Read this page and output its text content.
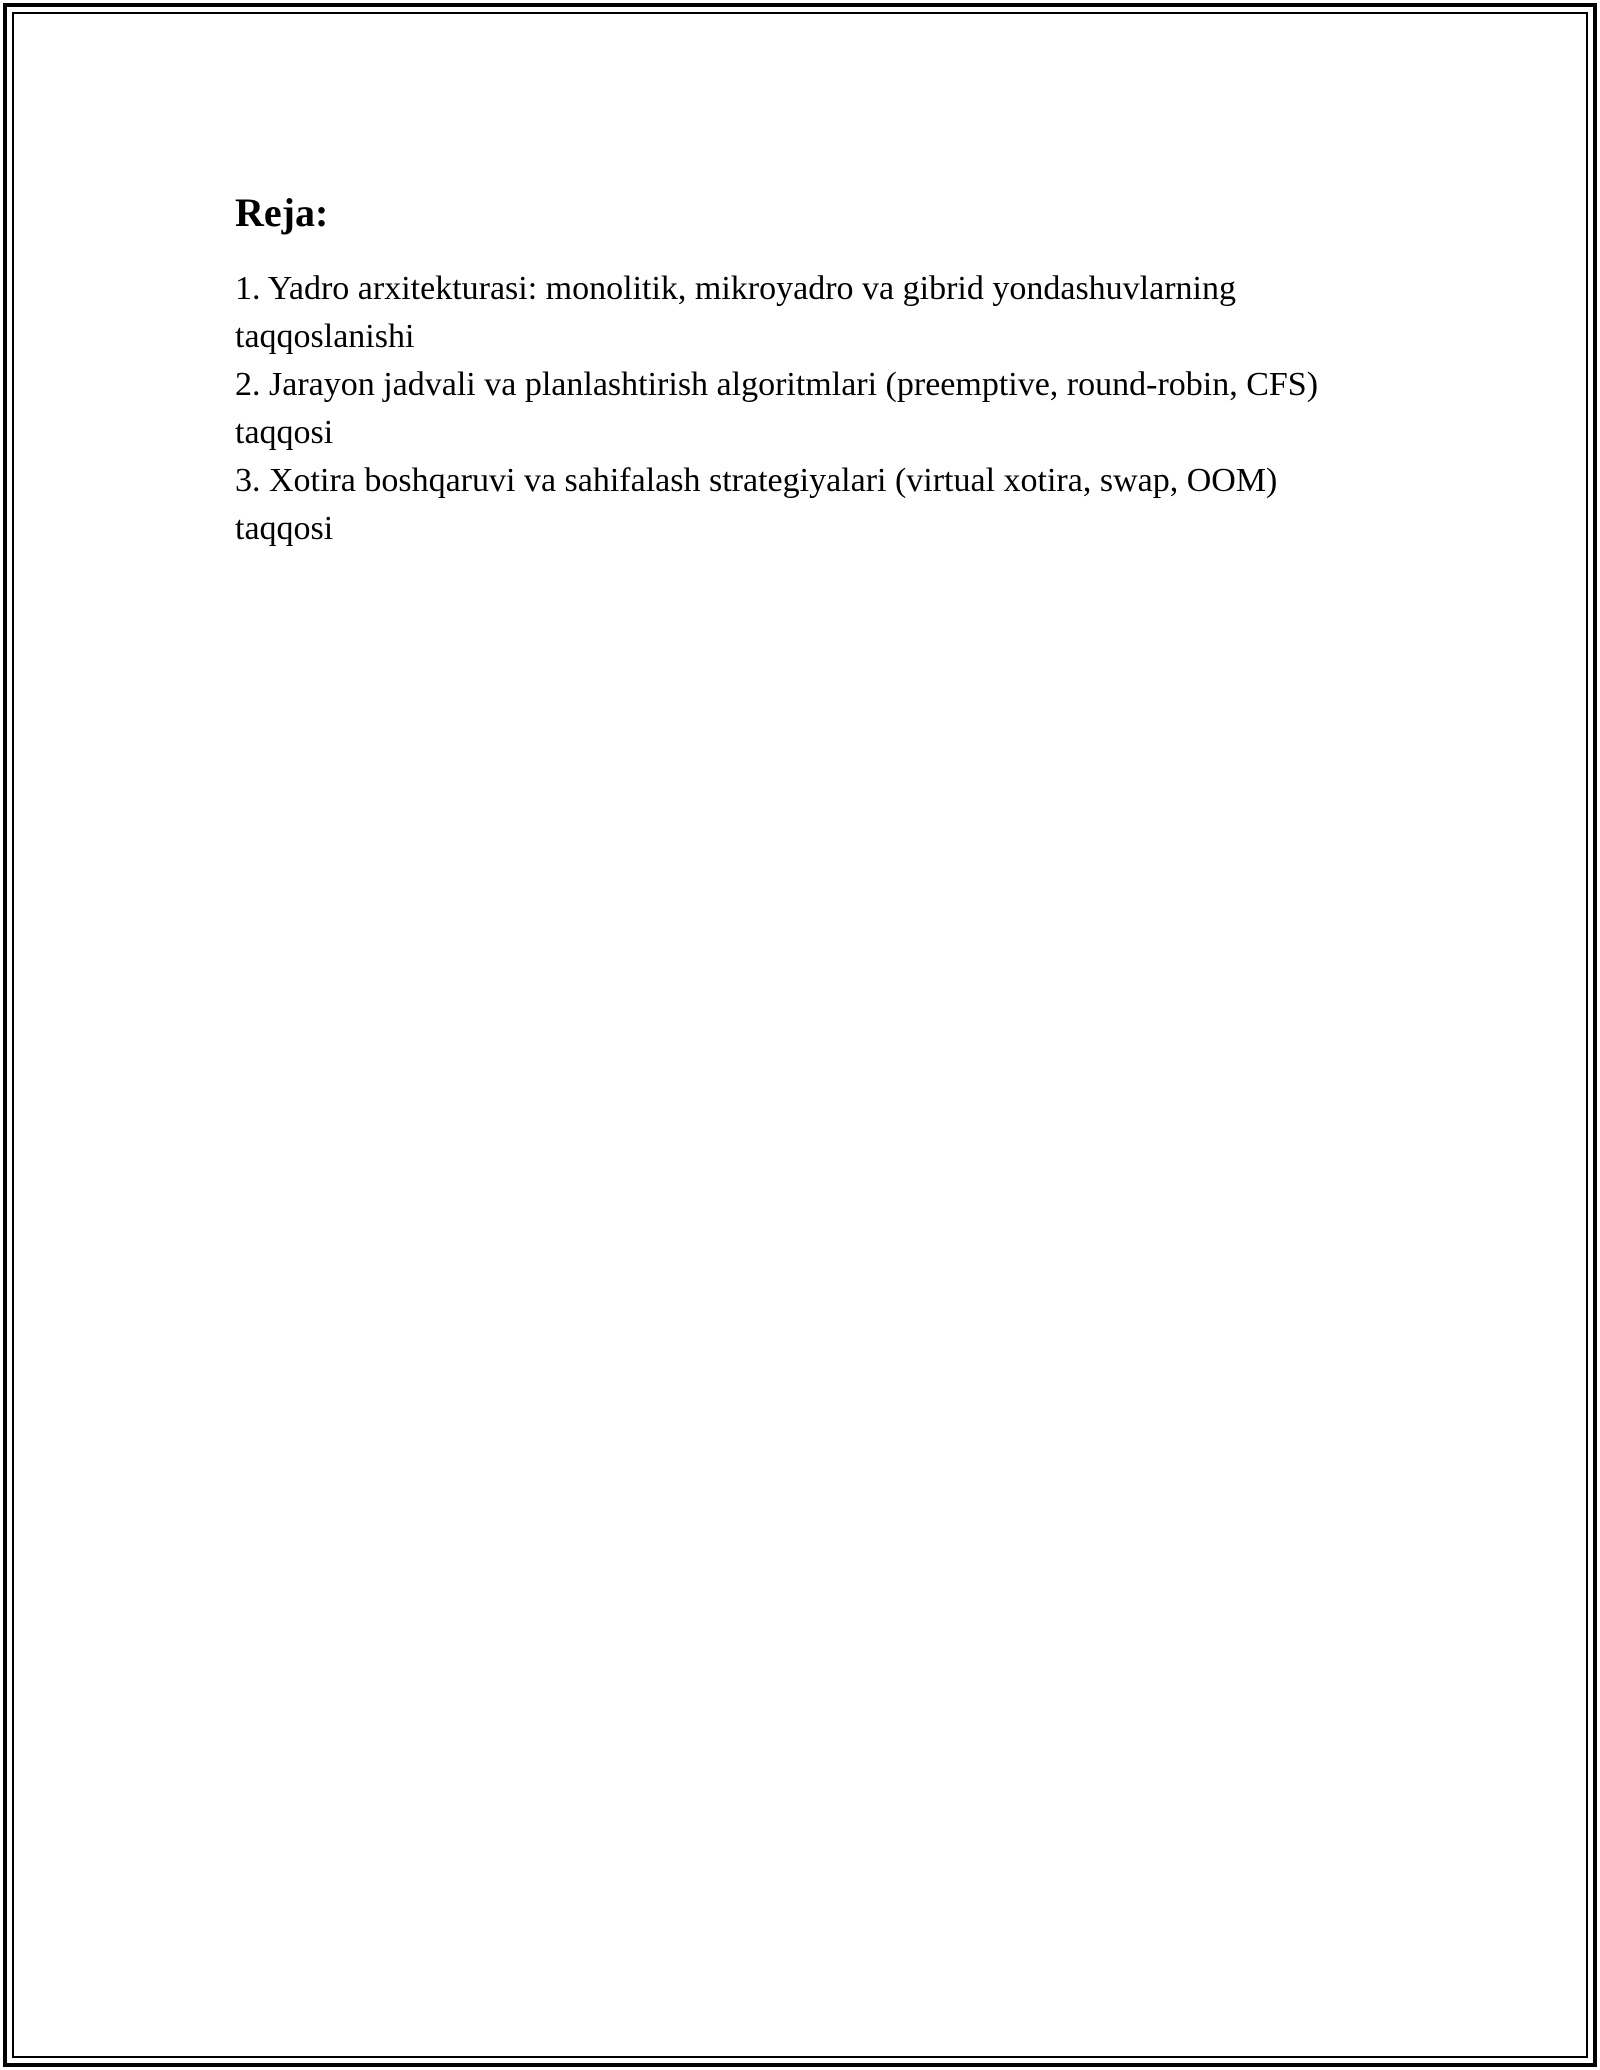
Reja:
1. Yadro arxitekturasi: monolitik, mikroyadro va gibrid yondashuvlarning taqqoslanishi
2. Jarayon jadvali va planlashtirish algoritmlari (preemptive, round-robin, CFS) taqqosi
3. Xotira boshqaruvi va sahifalash strategiyalari (virtual xotira, swap, OOM) taqqosi
